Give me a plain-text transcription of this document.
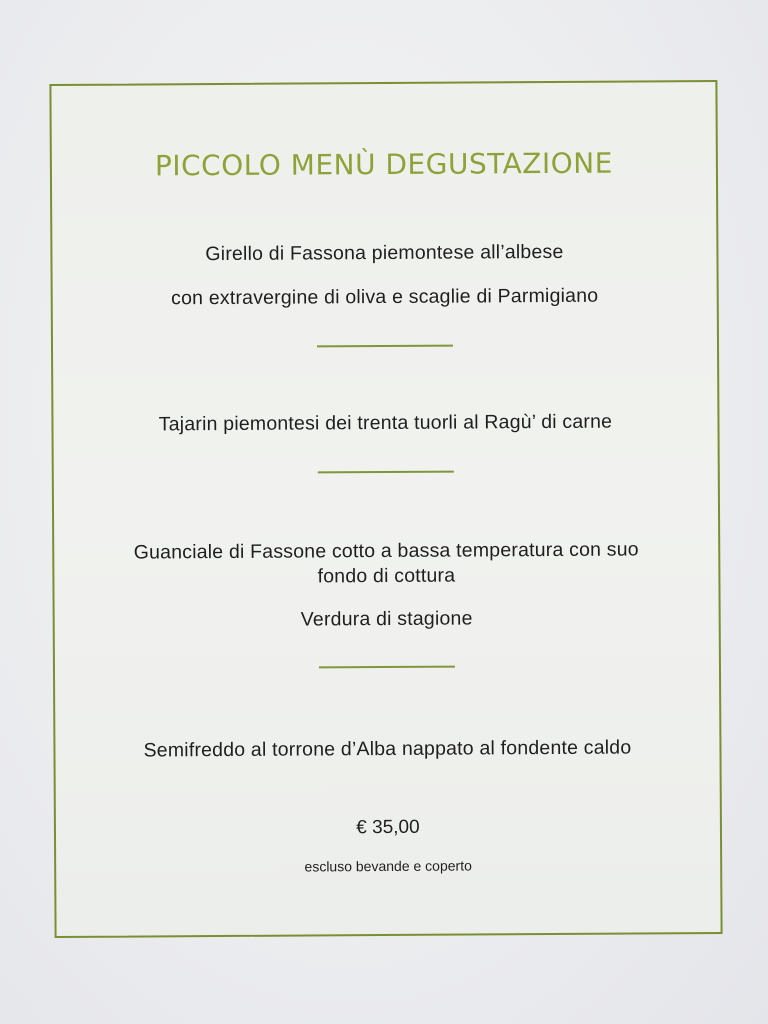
PICCOLO MENÙ DEGUSTAZIONE
Girello di Fassona piemontese all’albese
con extravergine di oliva e scaglie di Parmigiano
Tajarin piemontesi dei trenta tuorli al Ragù’ di carne
Guanciale di Fassone cotto a bassa temperatura con suo
fondo di cottura
Verdura di stagione
Semifreddo al torrone d’Alba nappato al fondente caldo
€ 35,00
escluso bevande e coperto
